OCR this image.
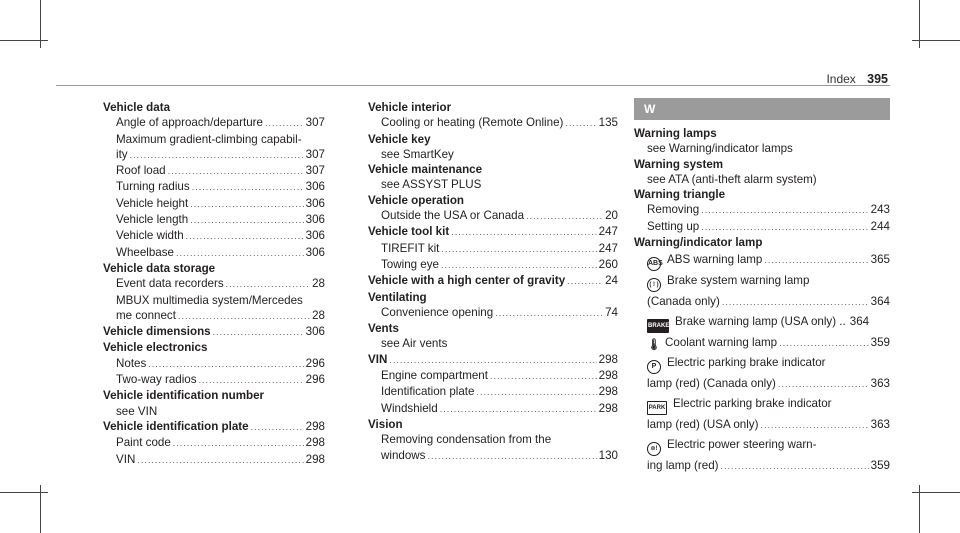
Index 395
Vehicle data
Angle of approach/departure .....	307
Maximum gradient-climbing capabil-
ity .....	307
Roof load .....	307
Turning radius .....	306
Vehicle height .....	306
Vehicle length .....	306
Vehicle width .....	306
Wheelbase .....	306
Vehicle data storage
Event data recorders .....	28
MBUX multimedia system/Mercedes
me connect .....	28
Vehicle dimensions .....	306
Vehicle electronics
Notes .....	296
Two-way radios .....	296
Vehicle identification number
see VIN
Vehicle identification plate .....	298
Paint code .....	298
VIN .....	298
Vehicle interior
Cooling or heating (Remote Online) .....	135
Vehicle key
see SmartKey
Vehicle maintenance
see ASSYST PLUS
Vehicle operation
Outside the USA or Canada .....	20
Vehicle tool kit .....	247
TIREFIT kit .....	247
Towing eye .....	260
Vehicle with a high center of gravity .....	24
Ventilating
Convenience opening .....	74
Vents
see Air vents
VIN .....	298
Engine compartment .....	298
Identification plate .....	298
Windshield .....	298
Vision
Removing condensation from the
windows .....	130
W
Warning lamps
see Warning/indicator lamps
Warning system
see ATA (anti-theft alarm system)
Warning triangle
Removing .....	243
Setting up .....	244
Warning/indicator lamp
ABS ABS warning lamp .....	365
( ! ) Brake system warning lamp
(Canada only) .....	364
BRAKE Brake warning lamp (USA only) .. 364
🌡 Coolant warning lamp .....	359
P Electric parking brake indicator
lamp (red) (Canada only) .....	363
PARK Electric parking brake indicator
lamp (red) (USA only) .....	363
⊚! Electric power steering warn-
ing lamp (red) .....	359
